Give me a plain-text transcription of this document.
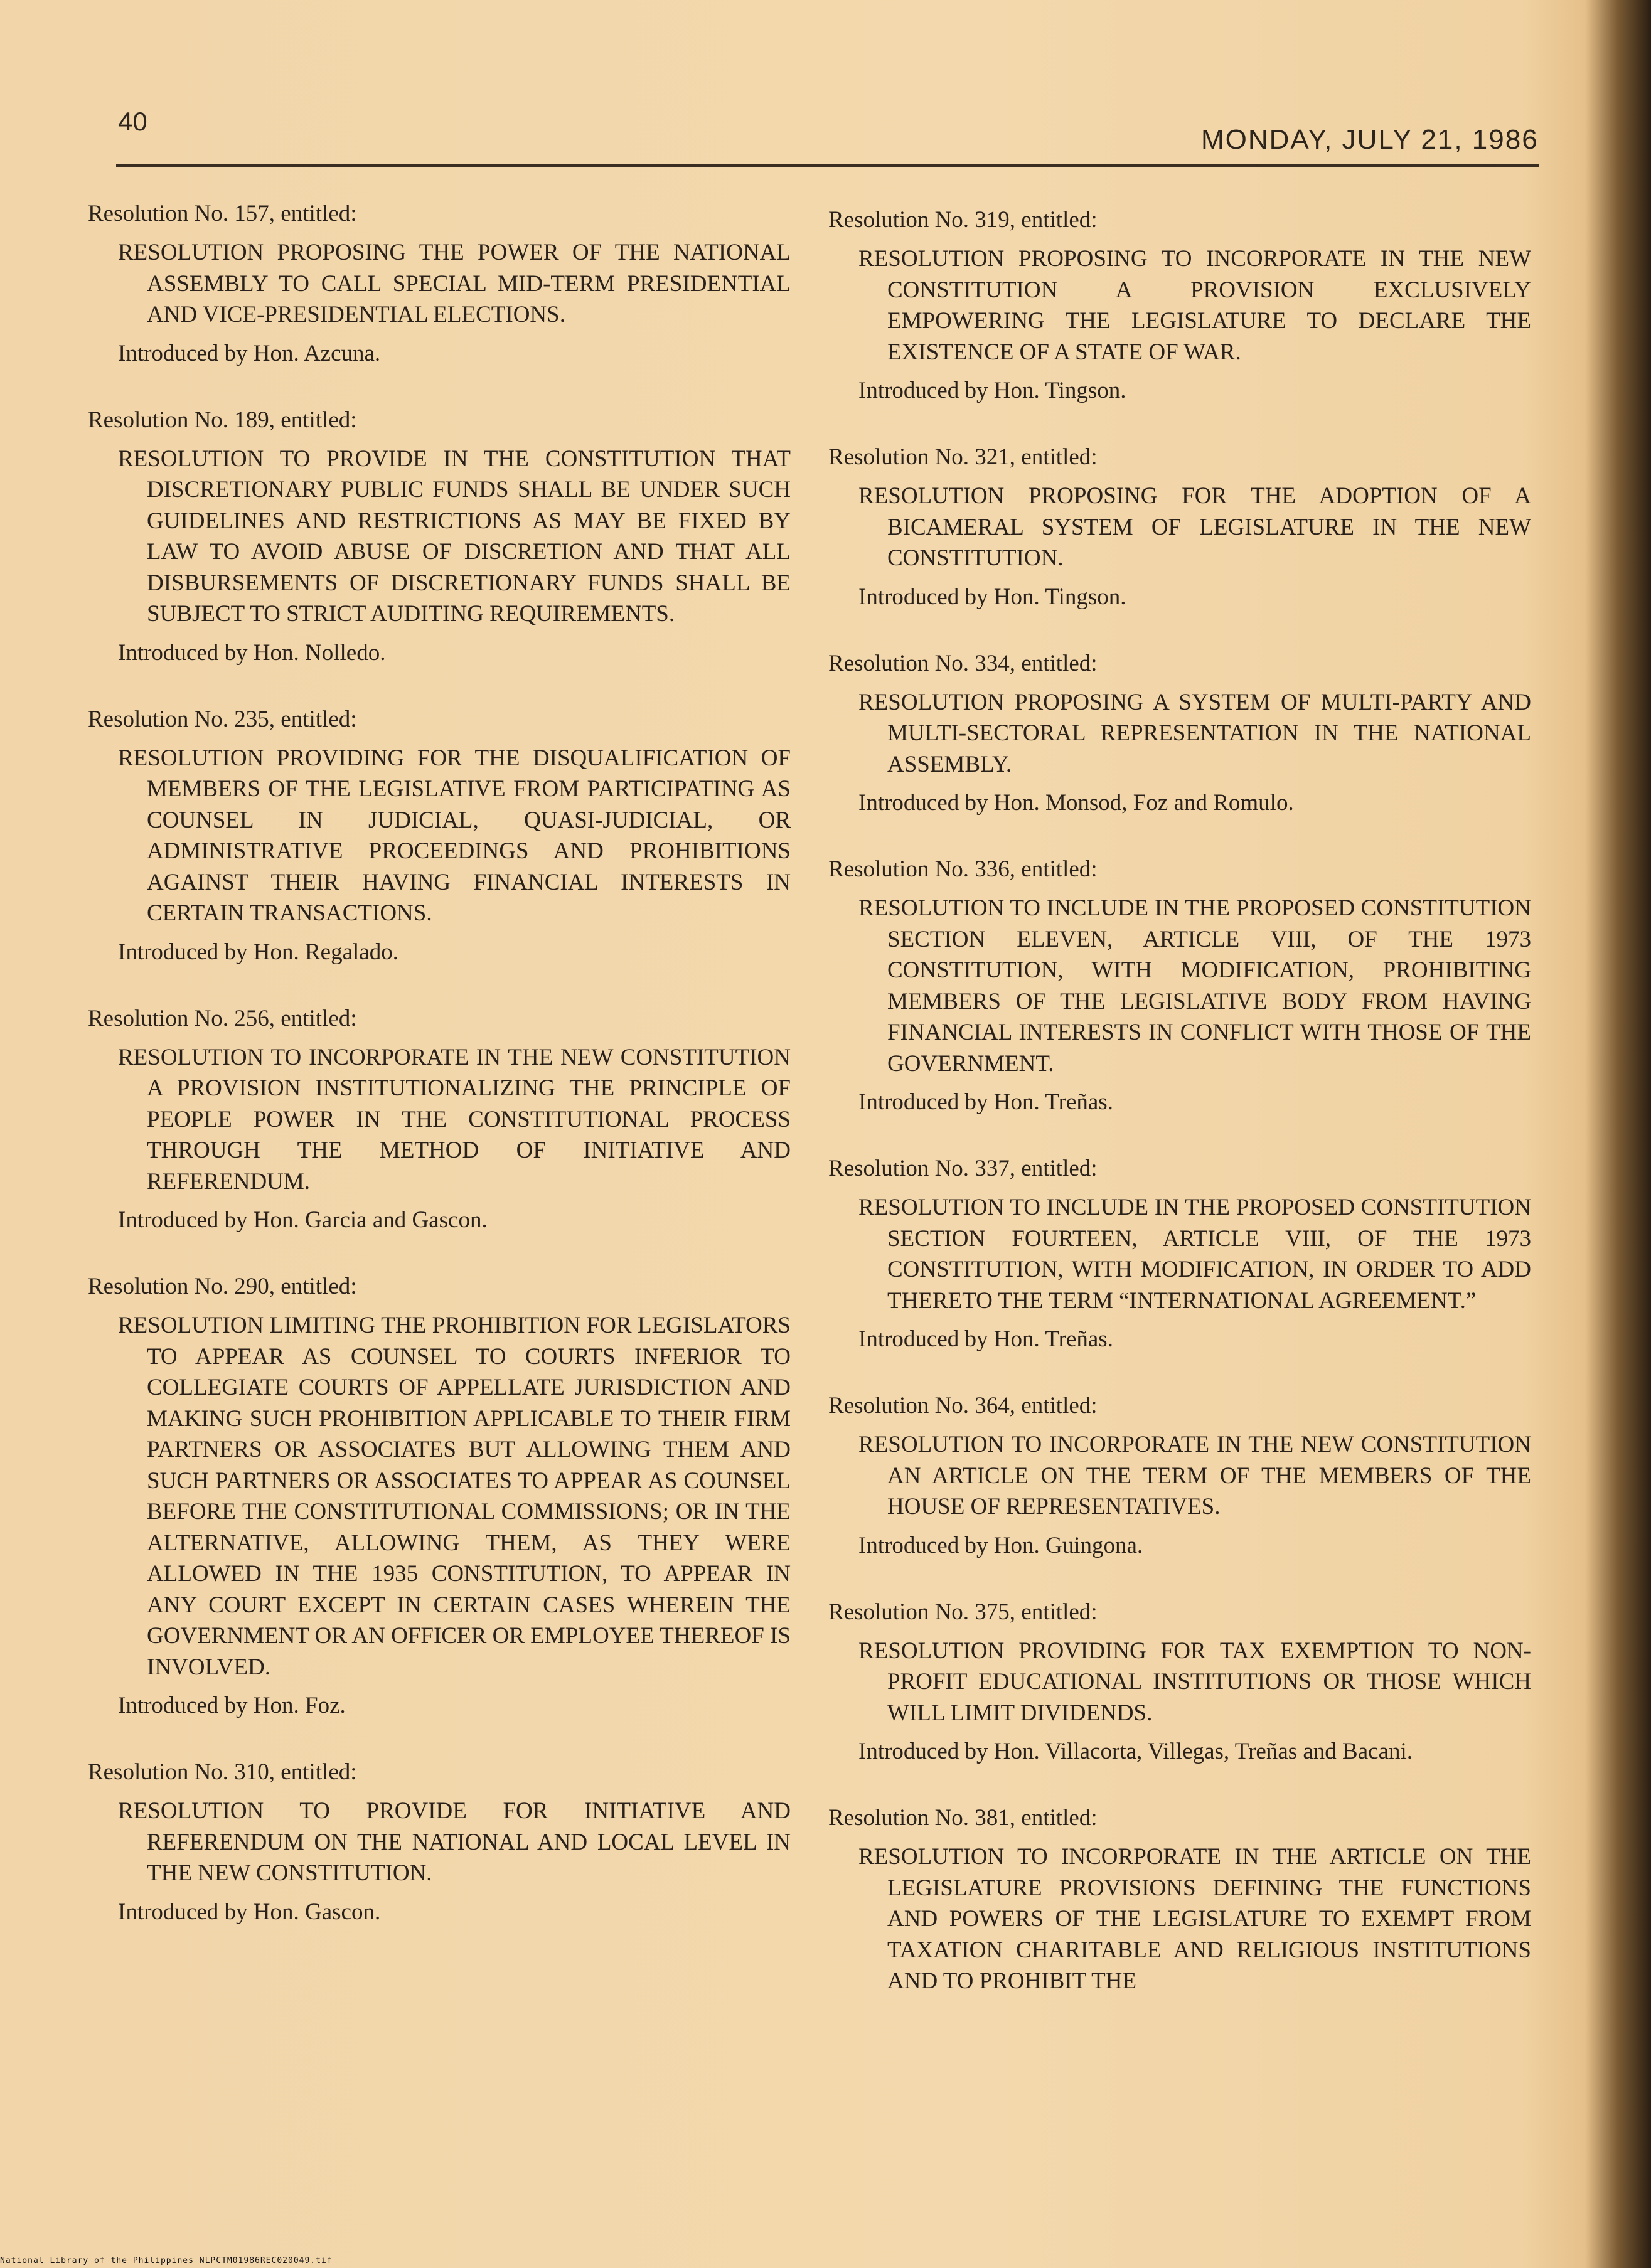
40
MONDAY, JULY 21, 1986

Resolution No. 157, entitled:

RESOLUTION PROPOSING THE POWER OF THE NATIONAL ASSEMBLY TO CALL SPECIAL MID-TERM PRESIDENTIAL AND VICE-PRESIDENTIAL ELECTIONS.

Introduced by Hon. Azcuna.

Resolution No. 189, entitled:

RESOLUTION TO PROVIDE IN THE CONSTITUTION THAT DISCRETIONARY PUBLIC FUNDS SHALL BE UNDER SUCH GUIDELINES AND RESTRICTIONS AS MAY BE FIXED BY LAW TO AVOID ABUSE OF DISCRETION AND THAT ALL DISBURSEMENTS OF DISCRETIONARY FUNDS SHALL BE SUBJECT TO STRICT AUDITING REQUIREMENTS.

Introduced by Hon. Nolledo.

Resolution No. 235, entitled:

RESOLUTION PROVIDING FOR THE DISQUALIFICATION OF MEMBERS OF THE LEGISLATIVE FROM PARTICIPATING AS COUNSEL IN JUDICIAL, QUASI-JUDICIAL, OR ADMINISTRATIVE PROCEEDINGS AND PROHIBITIONS AGAINST THEIR HAVING FINANCIAL INTERESTS IN CERTAIN TRANSACTIONS.

Introduced by Hon. Regalado.

Resolution No. 256, entitled:

RESOLUTION TO INCORPORATE IN THE NEW CONSTITUTION A PROVISION INSTITUTIONALIZING THE PRINCIPLE OF PEOPLE POWER IN THE CONSTITUTIONAL PROCESS THROUGH THE METHOD OF INITIATIVE AND REFERENDUM.

Introduced by Hon. Garcia and Gascon.

Resolution No. 290, entitled:

RESOLUTION LIMITING THE PROHIBITION FOR LEGISLATORS TO APPEAR AS COUNSEL TO COURTS INFERIOR TO COLLEGIATE COURTS OF APPELLATE JURISDICTION AND MAKING SUCH PROHIBITION APPLICABLE TO THEIR FIRM PARTNERS OR ASSOCIATES BUT ALLOWING THEM AND SUCH PARTNERS OR ASSOCIATES TO APPEAR AS COUNSEL BEFORE THE CONSTITUTIONAL COMMISSIONS; OR IN THE ALTERNATIVE, ALLOWING THEM, AS THEY WERE ALLOWED IN THE 1935 CONSTITUTION, TO APPEAR IN ANY COURT EXCEPT IN CERTAIN CASES WHEREIN THE GOVERNMENT OR AN OFFICER OR EMPLOYEE THEREOF IS INVOLVED.

Introduced by Hon. Foz.

Resolution No. 310, entitled:

RESOLUTION TO PROVIDE FOR INITIATIVE AND REFERENDUM ON THE NATIONAL AND LOCAL LEVEL IN THE NEW CONSTITUTION.

Introduced by Hon. Gascon.

Resolution No. 319, entitled:

RESOLUTION PROPOSING TO INCORPORATE IN THE NEW CONSTITUTION A PROVISION EXCLUSIVELY EMPOWERING THE LEGISLATURE TO DECLARE THE EXISTENCE OF A STATE OF WAR.

Introduced by Hon. Tingson.

Resolution No. 321, entitled:

RESOLUTION PROPOSING FOR THE ADOPTION OF A BICAMERAL SYSTEM OF LEGISLATURE IN THE NEW CONSTITUTION.

Introduced by Hon. Tingson.

Resolution No. 334, entitled:

RESOLUTION PROPOSING A SYSTEM OF MULTI-PARTY AND MULTI-SECTORAL REPRESENTATION IN THE NATIONAL ASSEMBLY.

Introduced by Hon. Monsod, Foz and Romulo.

Resolution No. 336, entitled:

RESOLUTION TO INCLUDE IN THE PROPOSED CONSTITUTION SECTION ELEVEN, ARTICLE VIII, OF THE 1973 CONSTITUTION, WITH MODIFICATION, PROHIBITING MEMBERS OF THE LEGISLATIVE BODY FROM HAVING FINANCIAL INTERESTS IN CONFLICT WITH THOSE OF THE GOVERNMENT.

Introduced by Hon. Treñas.

Resolution No. 337, entitled:

RESOLUTION TO INCLUDE IN THE PROPOSED CONSTITUTION SECTION FOURTEEN, ARTICLE VIII, OF THE 1973 CONSTITUTION, WITH MODIFICATION, IN ORDER TO ADD THERETO THE TERM “INTERNATIONAL AGREEMENT.”

Introduced by Hon. Treñas.

Resolution No. 364, entitled:

RESOLUTION TO INCORPORATE IN THE NEW CONSTITUTION AN ARTICLE ON THE TERM OF THE MEMBERS OF THE HOUSE OF REPRESENTATIVES.

Introduced by Hon. Guingona.

Resolution No. 375, entitled:

RESOLUTION PROVIDING FOR TAX EXEMPTION TO NON-PROFIT EDUCATIONAL INSTITUTIONS OR THOSE WHICH WILL LIMIT DIVIDENDS.

Introduced by Hon. Villacorta, Villegas, Treñas and Bacani.

Resolution No. 381, entitled:

RESOLUTION TO INCORPORATE IN THE ARTICLE ON THE LEGISLATURE PROVISIONS DEFINING THE FUNCTIONS AND POWERS OF THE LEGISLATURE TO EXEMPT FROM TAXATION CHARITABLE AND RELIGIOUS INSTITUTIONS AND TO PROHIBIT THE

National Library of the Philippines NLPCTM01986REC020049.tif
